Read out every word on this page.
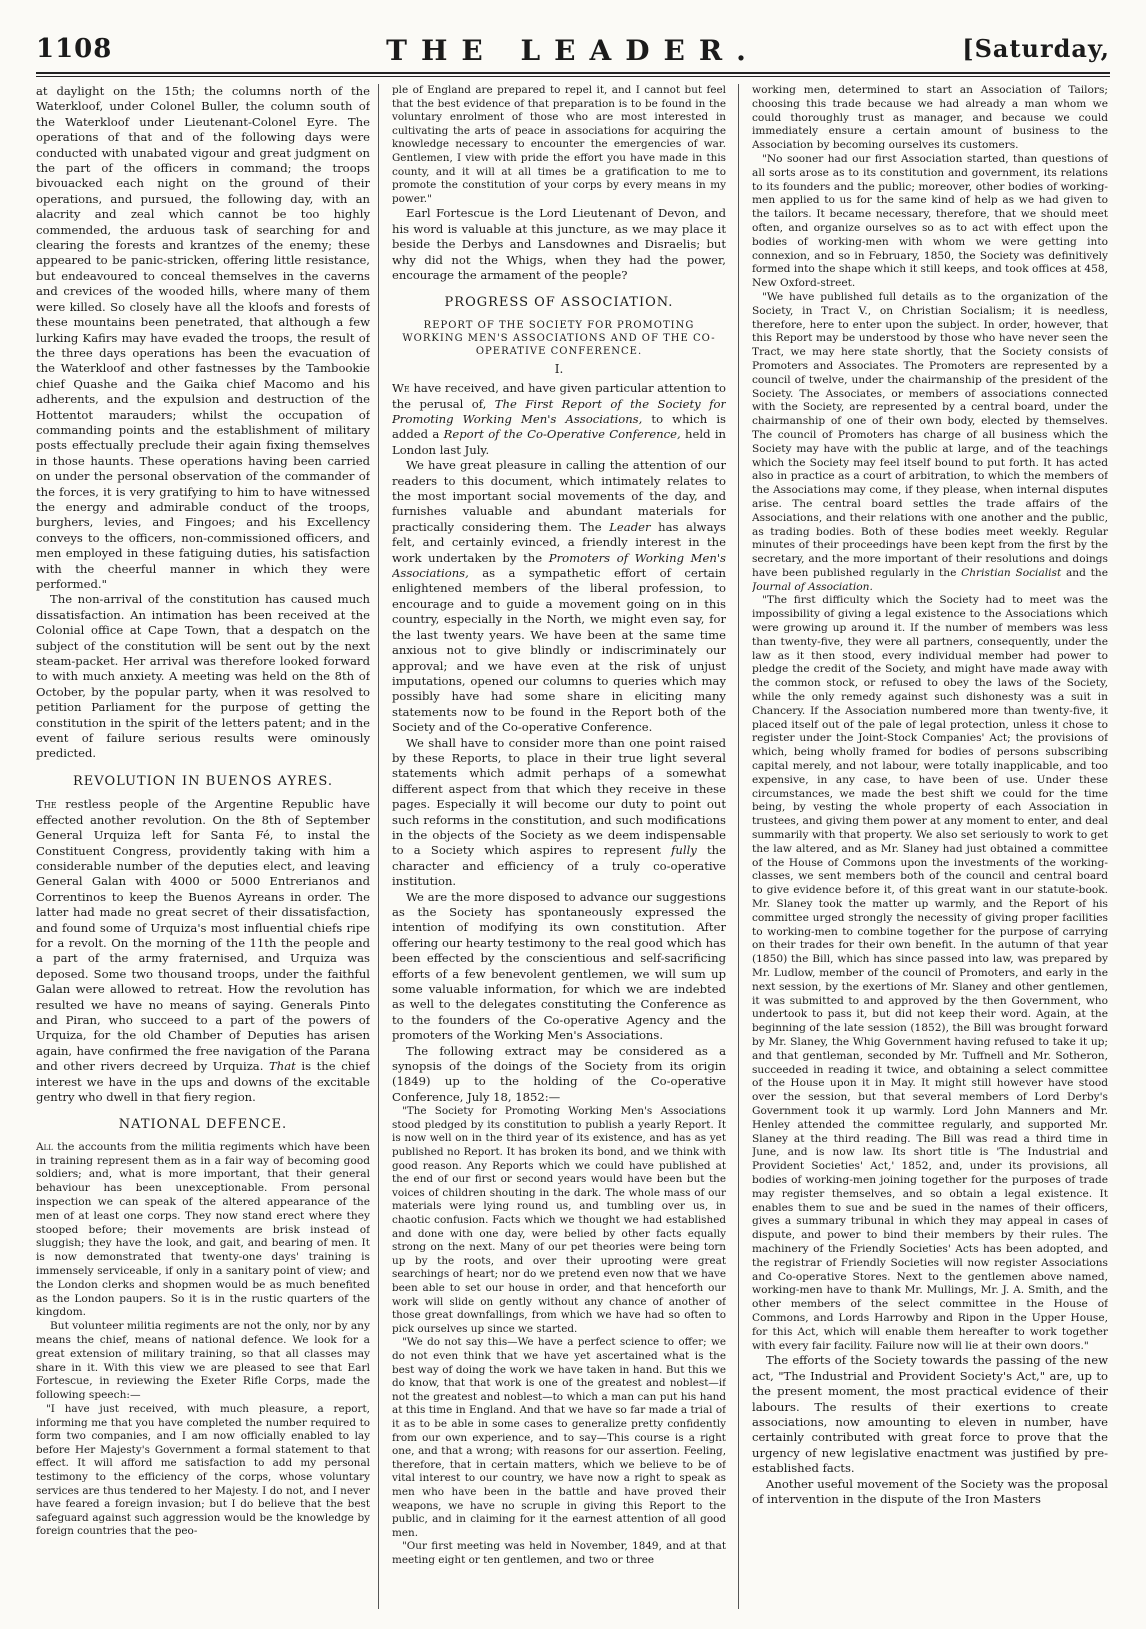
1108	THE LEADER.	[Saturday,

at daylight on the 15th; the columns north of the Waterkloof, under Colonel Buller, the column south of the Waterkloof under Lieutenant-Colonel Eyre. The operations of that and of the following days were conducted with unabated vigour and great judgment on the part of the officers in command; the troops bivouacked each night on the ground of their operations, and pursued, the following day, with an alacrity and zeal which cannot be too highly commended, the arduous task of searching for and clearing the forests and krantzes of the enemy; these appeared to be panic-stricken, offering little resistance, but endeavoured to conceal themselves in the caverns and crevices of the wooded hills, where many of them were killed. So closely have all the kloofs and forests of these mountains been penetrated, that although a few lurking Kafirs may have evaded the troops, the result of the three days operations has been the evacuation of the Waterkloof and other fastnesses by the Tambookie chief Quashe and the Gaika chief Macomo and his adherents, and the expulsion and destruction of the Hottentot marauders; whilst the occupation of commanding points and the establishment of military posts effectually preclude their again fixing themselves in those haunts. These operations having been carried on under the personal observation of the commander of the forces, it is very gratifying to him to have witnessed the energy and admirable conduct of the troops, burghers, levies, and Fingoes; and his Excellency conveys to the officers, non-commissioned officers, and men employed in these fatiguing duties, his satisfaction with the cheerful manner in which they were performed."

The non-arrival of the constitution has caused much dissatisfaction. An intimation has been received at the Colonial office at Cape Town, that a despatch on the subject of the constitution will be sent out by the next steam-packet. Her arrival was therefore looked forward to with much anxiety. A meeting was held on the 8th of October, by the popular party, when it was resolved to petition Parliament for the purpose of getting the constitution in the spirit of the letters patent; and in the event of failure serious results were ominously predicted.

REVOLUTION IN BUENOS AYRES.

The restless people of the Argentine Republic have effected another revolution. On the 8th of September General Urquiza left for Santa Fé, to instal the Constituent Congress, providently taking with him a considerable number of the deputies elect, and leaving General Galan with 4000 or 5000 Entrerianos and Correntinos to keep the Buenos Ayreans in order. The latter had made no great secret of their dissatisfaction, and found some of Urquiza's most influential chiefs ripe for a revolt. On the morning of the 11th the people and a part of the army fraternised, and Urquiza was deposed. Some two thousand troops, under the faithful Galan were allowed to retreat. How the revolution has resulted we have no means of saying. Generals Pinto and Piran, who succeed to a part of the powers of Urquiza, for the old Chamber of Deputies has arisen again, have confirmed the free navigation of the Parana and other rivers decreed by Urquiza. That is the chief interest we have in the ups and downs of the excitable gentry who dwell in that fiery region.

NATIONAL DEFENCE.

All the accounts from the militia regiments which have been in training represent them as in a fair way of becoming good soldiers; and, what is more important, that their general behaviour has been unexceptionable. From personal inspection we can speak of the altered appearance of the men of at least one corps. They now stand erect where they stooped before; their movements are brisk instead of sluggish; they have the look, and gait, and bearing of men. It is now demonstrated that twenty-one days' training is immensely serviceable, if only in a sanitary point of view; and the London clerks and shopmen would be as much benefited as the London paupers. So it is in the rustic quarters of the kingdom.

But volunteer militia regiments are not the only, nor by any means the chief, means of national defence. We look for a great extension of military training, so that all classes may share in it. With this view we are pleased to see that Earl Fortescue, in reviewing the Exeter Rifle Corps, made the following speech:—

"I have just received, with much pleasure, a report, informing me that you have completed the number required to form two companies, and I am now officially enabled to lay before Her Majesty's Government a formal statement to that effect. It will afford me satisfaction to add my personal testimony to the efficiency of the corps, whose voluntary services are thus tendered to her Majesty. I do not, and I never have feared a foreign invasion; but I do believe that the best safeguard against such aggression would be the knowledge by foreign countries that the peo-

ple of England are prepared to repel it, and I cannot but feel that the best evidence of that preparation is to be found in the voluntary enrolment of those who are most interested in cultivating the arts of peace in associations for acquiring the knowledge necessary to encounter the emergencies of war. Gentlemen, I view with pride the effort you have made in this county, and it will at all times be a gratification to me to promote the constitution of your corps by every means in my power."

Earl Fortescue is the Lord Lieutenant of Devon, and his word is valuable at this juncture, as we may place it beside the Derbys and Lansdownes and Disraelis; but why did not the Whigs, when they had the power, encourage the armament of the people?

PROGRESS OF ASSOCIATION.
REPORT OF THE SOCIETY FOR PROMOTING WORKING MEN'S ASSOCIATIONS AND OF THE CO-OPERATIVE CONFERENCE.
I.

We have received, and have given particular attention to the perusal of, The First Report of the Society for Promoting Working Men's Associations, to which is added a Report of the Co-Operative Conference, held in London last July.

We have great pleasure in calling the attention of our readers to this document, which intimately relates to the most important social movements of the day, and furnishes valuable and abundant materials for practically considering them. The Leader has always felt, and certainly evinced, a friendly interest in the work undertaken by the Promoters of Working Men's Associations, as a sympathetic effort of certain enlightened members of the liberal profession, to encourage and to guide a movement going on in this country, especially in the North, we might even say, for the last twenty years. We have been at the same time anxious not to give blindly or indiscriminately our approval; and we have even at the risk of unjust imputations, opened our columns to queries which may possibly have had some share in eliciting many statements now to be found in the Report both of the Society and of the Co-operative Conference.

We shall have to consider more than one point raised by these Reports, to place in their true light several statements which admit perhaps of a somewhat different aspect from that which they receive in these pages. Especially it will become our duty to point out such reforms in the constitution, and such modifications in the objects of the Society as we deem indispensable to a Society which aspires to represent fully the character and efficiency of a truly co-operative institution.

We are the more disposed to advance our suggestions as the Society has spontaneously expressed the intention of modifying its own constitution. After offering our hearty testimony to the real good which has been effected by the conscientious and self-sacrificing efforts of a few benevolent gentlemen, we will sum up some valuable information, for which we are indebted as well to the delegates constituting the Conference as to the founders of the Co-operative Agency and the promoters of the Working Men's Associations.

The following extract may be considered as a synopsis of the doings of the Society from its origin (1849) up to the holding of the Co-operative Conference, July 18, 1852:—

"The Society for Promoting Working Men's Associations stood pledged by its constitution to publish a yearly Report. It is now well on in the third year of its existence, and has as yet published no Report. It has broken its bond, and we think with good reason. Any Reports which we could have published at the end of our first or second years would have been but the voices of children shouting in the dark. The whole mass of our materials were lying round us, and tumbling over us, in chaotic confusion. Facts which we thought we had established and done with one day, were belied by other facts equally strong on the next. Many of our pet theories were being torn up by the roots, and over their uprooting were great searchings of heart; nor do we pretend even now that we have been able to set our house in order, and that henceforth our work will slide on gently without any chance of another of those great downfallings, from which we have had so often to pick ourselves up since we started.

"We do not say this—We have a perfect science to offer; we do not even think that we have yet ascertained what is the best way of doing the work we have taken in hand. But this we do know, that that work is one of the greatest and noblest—if not the greatest and noblest—to which a man can put his hand at this time in England. And that we have so far made a trial of it as to be able in some cases to generalize pretty confidently from our own experience, and to say—This course is a right one, and that a wrong; with reasons for our assertion. Feeling, therefore, that in certain matters, which we believe to be of vital interest to our country, we have now a right to speak as men who have been in the battle and have proved their weapons, we have no scruple in giving this Report to the public, and in claiming for it the earnest attention of all good men.

"Our first meeting was held in November, 1849, and at that meeting eight or ten gentlemen, and two or three

working men, determined to start an Association of Tailors; choosing this trade because we had already a man whom we could thoroughly trust as manager, and because we could immediately ensure a certain amount of business to the Association by becoming ourselves its customers.

"No sooner had our first Association started, than questions of all sorts arose as to its constitution and government, its relations to its founders and the public; moreover, other bodies of working-men applied to us for the same kind of help as we had given to the tailors. It became necessary, therefore, that we should meet often, and organize ourselves so as to act with effect upon the bodies of working-men with whom we were getting into connexion, and so in February, 1850, the Society was definitively formed into the shape which it still keeps, and took offices at 458, New Oxford-street.

"We have published full details as to the organization of the Society, in Tract V., on Christian Socialism; it is needless, therefore, here to enter upon the subject. In order, however, that this Report may be understood by those who have never seen the Tract, we may here state shortly, that the Society consists of Promoters and Associates. The Promoters are represented by a council of twelve, under the chairmanship of the president of the Society. The Associates, or members of associations connected with the Society, are represented by a central board, under the chairmanship of one of their own body, elected by themselves. The council of Promoters has charge of all business which the Society may have with the public at large, and of the teachings which the Society may feel itself bound to put forth. It has acted also in practice as a court of arbitration, to which the members of the Associations may come, if they please, when internal disputes arise. The central board settles the trade affairs of the Associations, and their relations with one another and the public, as trading bodies. Both of these bodies meet weekly. Regular minutes of their proceedings have been kept from the first by the secretary, and the more important of their resolutions and doings have been published regularly in the Christian Socialist and the Journal of Association.

"The first difficulty which the Society had to meet was the impossibility of giving a legal existence to the Associations which were growing up around it. If the number of members was less than twenty-five, they were all partners, consequently, under the law as it then stood, every individual member had power to pledge the credit of the Society, and might have made away with the common stock, or refused to obey the laws of the Society, while the only remedy against such dishonesty was a suit in Chancery. If the Association numbered more than twenty-five, it placed itself out of the pale of legal protection, unless it chose to register under the Joint-Stock Companies' Act; the provisions of which, being wholly framed for bodies of persons subscribing capital merely, and not labour, were totally inapplicable, and too expensive, in any case, to have been of use. Under these circumstances, we made the best shift we could for the time being, by vesting the whole property of each Association in trustees, and giving them power at any moment to enter, and deal summarily with that property. We also set seriously to work to get the law altered, and as Mr. Slaney had just obtained a committee of the House of Commons upon the investments of the working-classes, we sent members both of the council and central board to give evidence before it, of this great want in our statute-book. Mr. Slaney took the matter up warmly, and the Report of his committee urged strongly the necessity of giving proper facilities to working-men to combine together for the purpose of carrying on their trades for their own benefit. In the autumn of that year (1850) the Bill, which has since passed into law, was prepared by Mr. Ludlow, member of the council of Promoters, and early in the next session, by the exertions of Mr. Slaney and other gentlemen, it was submitted to and approved by the then Government, who undertook to pass it, but did not keep their word. Again, at the beginning of the late session (1852), the Bill was brought forward by Mr. Slaney, the Whig Government having refused to take it up; and that gentleman, seconded by Mr. Tuffnell and Mr. Sotheron, succeeded in reading it twice, and obtaining a select committee of the House upon it in May. It might still however have stood over the session, but that several members of Lord Derby's Government took it up warmly. Lord John Manners and Mr. Henley attended the committee regularly, and supported Mr. Slaney at the third reading. The Bill was read a third time in June, and is now law. Its short title is 'The Industrial and Provident Societies' Act,' 1852, and, under its provisions, all bodies of working-men joining together for the purposes of trade may register themselves, and so obtain a legal existence. It enables them to sue and be sued in the names of their officers, gives a summary tribunal in which they may appeal in cases of dispute, and power to bind their members by their rules. The machinery of the Friendly Societies' Acts has been adopted, and the registrar of Friendly Societies will now register Associations and Co-operative Stores. Next to the gentlemen above named, working-men have to thank Mr. Mullings, Mr. J. A. Smith, and the other members of the select committee in the House of Commons, and Lords Harrowby and Ripon in the Upper House, for this Act, which will enable them hereafter to work together with every fair facility. Failure now will lie at their own doors."

The efforts of the Society towards the passing of the new act, "The Industrial and Provident Society's Act," are, up to the present moment, the most practical evidence of their labours. The results of their exertions to create associations, now amounting to eleven in number, have certainly contributed with great force to prove that the urgency of new legislative enactment was justified by pre-established facts.

Another useful movement of the Society was the proposal of intervention in the dispute of the Iron Masters
